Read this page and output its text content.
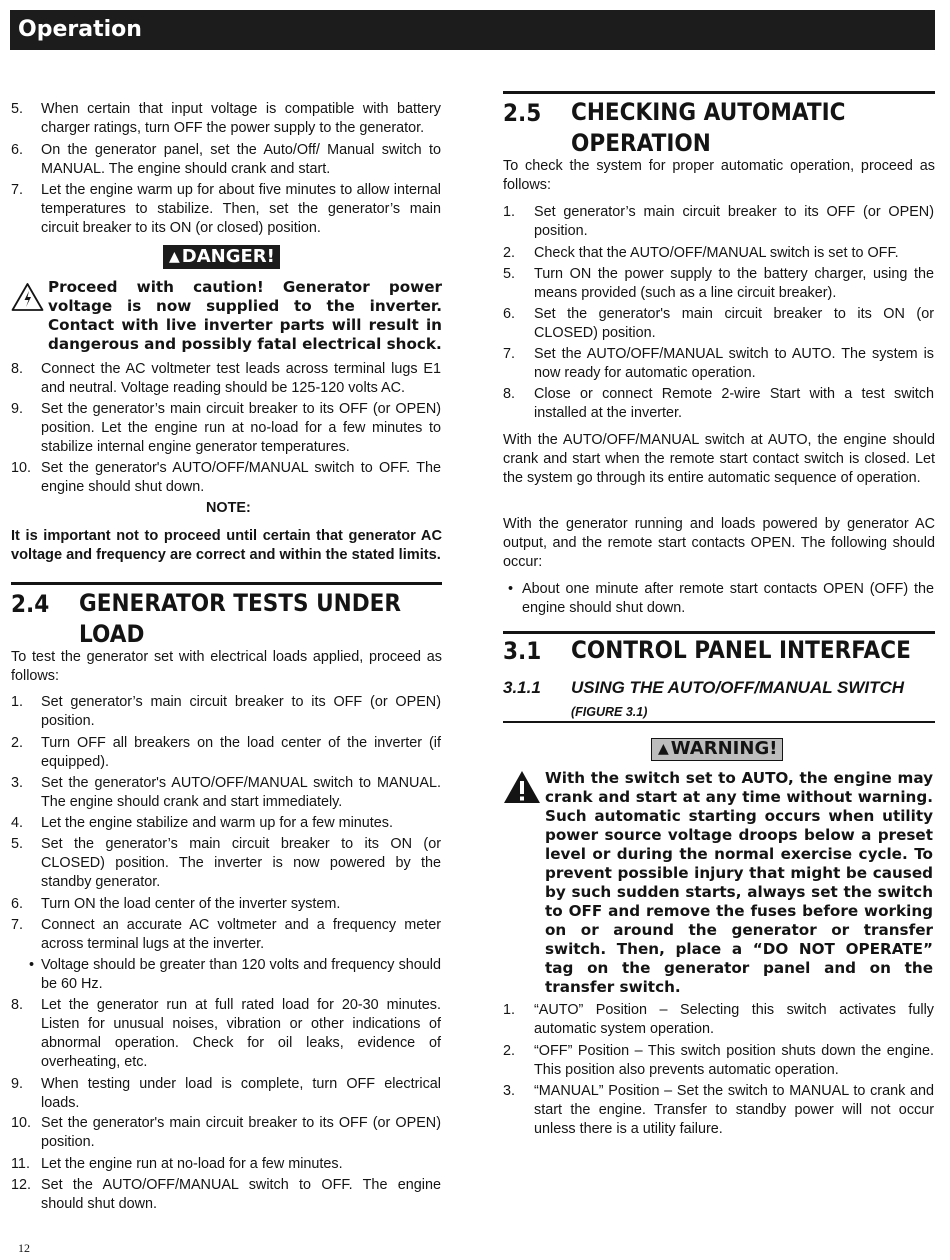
Operation
5. When certain that input voltage is compatible with battery charger ratings, turn OFF the power supply to the generator.
6. On the generator panel, set the Auto/Off/ Manual switch to MANUAL. The engine should crank and start.
7. Let the engine warm up for about five minutes to allow internal temperatures to stabilize. Then, set the generator’s main circuit breaker to its ON (or closed) position.
▲ DANGER!
Proceed with caution! Generator power voltage is now supplied to the inverter. Contact with live inverter parts will result in dangerous and possibly fatal electrical shock.
8. Connect the AC voltmeter test leads across terminal lugs E1 and neutral. Voltage reading should be 125-120 volts AC.
9. Set the generator’s main circuit breaker to its OFF (or OPEN) position. Let the engine run at no-load for a few minutes to stabilize internal engine generator temperatures.
10. Set the generator's AUTO/OFF/MANUAL switch to OFF. The engine should shut down.
NOTE:
It is important not to proceed until certain that generator AC voltage and frequency are correct and within the stated limits.
2.4 GENERATOR TESTS UNDER LOAD
To test the generator set with electrical loads applied, proceed as follows:
1. Set generator’s main circuit breaker to its OFF (or OPEN) position.
2. Turn OFF all breakers on the load center of the inverter (if equipped).
3. Set the generator's AUTO/OFF/MANUAL switch to MANUAL. The engine should crank and start immediately.
4. Let the engine stabilize and warm up for a few minutes.
5. Set the generator’s main circuit breaker to its ON (or CLOSED) position. The inverter is now powered by the standby generator.
6. Turn ON the load center of the inverter system.
7. Connect an accurate AC voltmeter and a frequency meter across terminal lugs at the inverter.
• Voltage should be greater than 120 volts and frequency should be 60 Hz.
8. Let the generator run at full rated load for 20-30 minutes. Listen for unusual noises, vibration or other indications of abnormal operation. Check for oil leaks, evidence of overheating, etc.
9. When testing under load is complete, turn OFF electrical loads.
10. Set the generator's main circuit breaker to its OFF (or OPEN) position.
11. Let the engine run at no-load for a few minutes.
12. Set the AUTO/OFF/MANUAL switch to OFF. The engine should shut down.
2.5 CHECKING AUTOMATIC OPERATION
To check the system for proper automatic operation, proceed as follows:
1. Set generator’s main circuit breaker to its OFF (or OPEN) position.
2. Check that the AUTO/OFF/MANUAL switch is set to OFF.
5. Turn ON the power supply to the battery charger, using the means provided (such as a line circuit breaker).
6. Set the generator's main circuit breaker to its ON (or CLOSED) position.
7. Set the AUTO/OFF/MANUAL switch to AUTO. The system is now ready for automatic operation.
8. Close or connect Remote 2-wire Start with a test switch installed at the inverter.
With the AUTO/OFF/MANUAL switch at AUTO, the engine should crank and start when the remote start contact switch is closed. Let the system go through its entire automatic sequence of operation.
With the generator running and loads powered by generator AC output, and the remote start contacts OPEN. The following should occur:
• About one minute after remote start contacts OPEN (OFF) the engine should shut down.
3.1 CONTROL PANEL INTERFACE
3.1.1 USING THE AUTO/OFF/MANUAL SWITCH
(FIGURE 3.1)
▲ WARNING!
With the switch set to AUTO, the engine may crank and start at any time without warning. Such automatic starting occurs when utility power source voltage droops below a preset level or during the normal exercise cycle. To prevent possible injury that might be caused by such sudden starts, always set the switch to OFF and remove the fuses before working on or around the generator or transfer switch. Then, place a “DO NOT OPERATE” tag on the generator panel and on the transfer switch.
1. “AUTO” Position – Selecting this switch activates fully automatic system operation.
2. “OFF” Position – This switch position shuts down the engine. This position also prevents automatic operation.
3. “MANUAL” Position – Set the switch to MANUAL to crank and start the engine. Transfer to standby power will not occur unless there is a utility failure.
12
